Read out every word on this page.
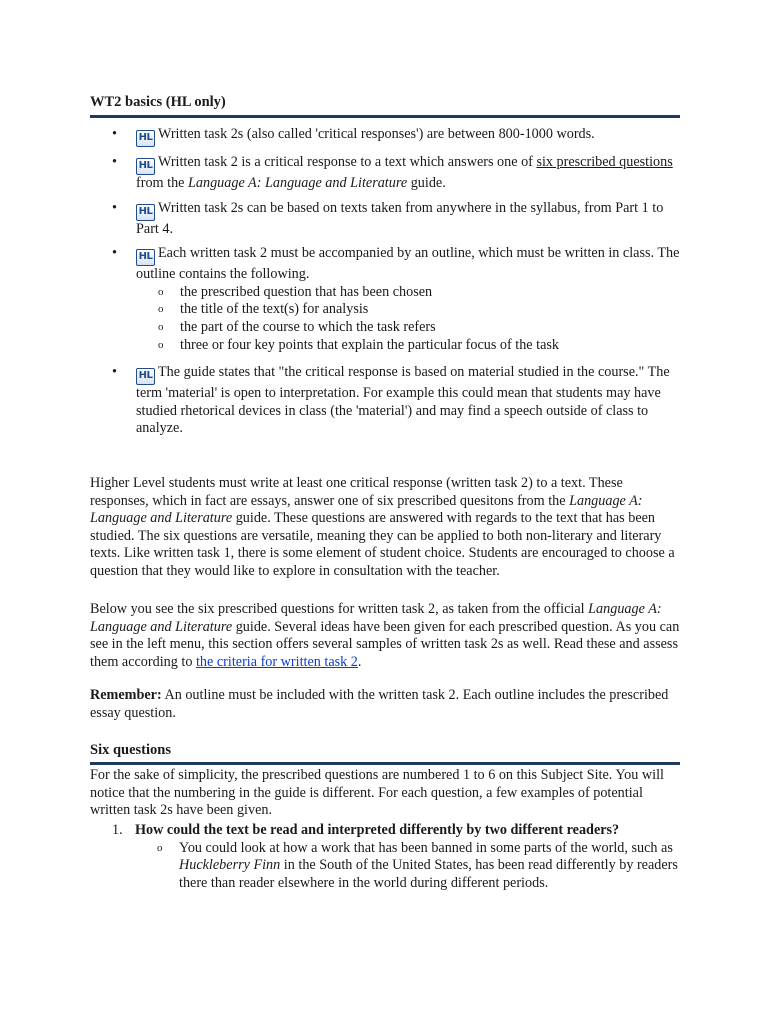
WT2 basics (HL only)
• HL Written task 2s (also called 'critical responses') are between 800-1000 words.
• HL Written task 2 is a critical response to a text which answers one of six prescribed questions from the Language A: Language and Literature guide.
• HL Written task 2s can be based on texts taken from anywhere in the syllabus, from Part 1 to Part 4.
• HL Each written task 2 must be accompanied by an outline, which must be written in class. The outline contains the following.
o the prescribed question that has been chosen
o the title of the text(s) for analysis
o the part of the course to which the task refers
o three or four key points that explain the particular focus of the task
• HL The guide states that "the critical response is based on material studied in the course." The term 'material' is open to interpretation. For example this could mean that students may have studied rhetorical devices in class (the 'material') and may find a speech outside of class to analyze.

Higher Level students must write at least one critical response (written task 2) to a text. These responses, which in fact are essays, answer one of six prescribed quesitons from the Language A: Language and Literature guide. These questions are answered with regards to the text that has been studied. The six questions are versatile, meaning they can be applied to both non-literary and literary texts. Like written task 1, there is some element of student choice. Students are encouraged to choose a question that they would like to explore in consultation with the teacher.

Below you see the six prescribed questions for written task 2, as taken from the official Language A: Language and Literature guide. Several ideas have been given for each prescribed question. As you can see in the left menu, this section offers several samples of written task 2s as well. Read these and assess them according to the criteria for written task 2.

Remember: An outline must be included with the written task 2. Each outline includes the prescribed essay question.

Six questions

For the sake of simplicity, the prescribed questions are numbered 1 to 6 on this Subject Site. You will notice that the numbering in the guide is different. For each question, a few examples of potential written task 2s have been given.

1. How could the text be read and interpreted differently by two different readers?
o You could look at how a work that has been banned in some parts of the world, such as Huckleberry Finn in the South of the United States, has been read differently by readers there than reader elsewhere in the world during different periods.
